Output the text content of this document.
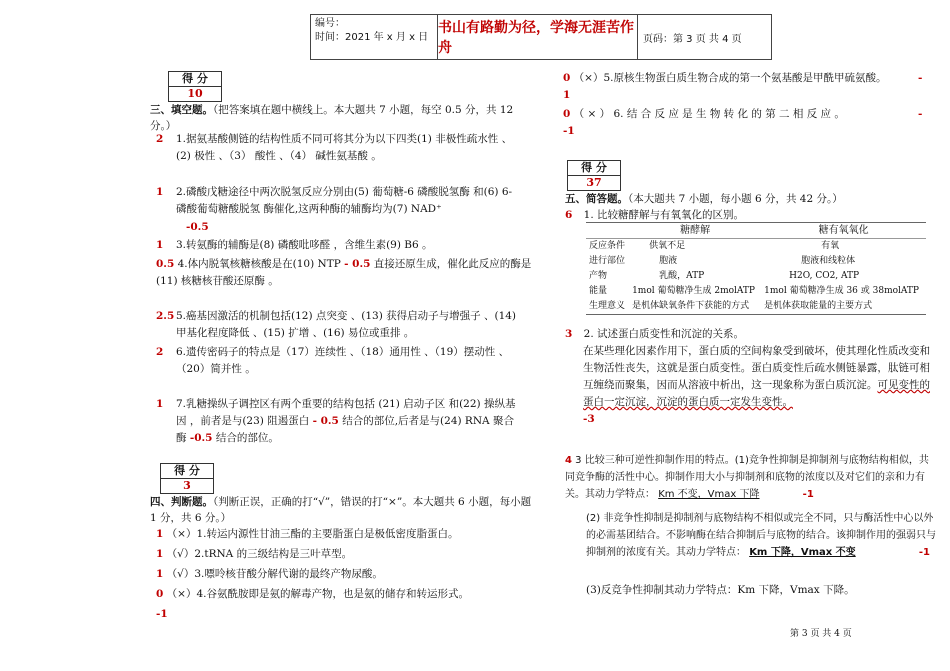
编号：
时间：2021 年 x 月 x 日
书山有路勤为径，学海无涯苦作舟
页码：第 3 页 共 4 页
得 分
10
三、填空题。（把答案填在题中横线上。本大题共 7 小题，每空 0.5 分，共 12 分。）
2 1.据氨基酸侧链的结构性质不同可将其分为以下四类(1) 非极性疏水性 、(2) 极性 、（3） 酸性 、（4） 碱性氨基酸 。
1 2.磷酸戊糖途径中两次脱氢反应分别由(5) 葡萄糖-6 磷酸脱氢酶 和(6) 6-磷酸葡萄糖酸脱氢 酶催化,这两种酶的辅酶均为(7) NAD⁺
-0.5
1 3.转氨酶的辅酶是(8) 磷酸吡哆醛 ，含维生素(9) B6 。
0.5 4.体内脱氧核糖核酸是在(10) NTP - 0.5 直接还原生成，催化此反应的酶是(11) 核糖核苷酸还原酶 。
2.5 5.癌基因激活的机制包括(12) 点突变 、(13) 获得启动子与增强子 、(14) 甲基化程度降低 、(15) 扩增 、(16) 易位或重排 。
2 6.遗传密码子的特点是（17）连续性 、（18）通用性 、（19）摆动性 、（20）简并性 。
1 7.乳糖操纵子调控区有两个重要的结构包括 (21) 启动子区 和(22) 操纵基因 ，前者是与(23) 阻遏蛋白 - 0.5 结合的部位,后者是与(24) RNA 聚合酶 -0.5 结合的部位。
得 分
3
四、判断题。（判断正误，正确的打“√”，错误的打“×”。本大题共 6 小题，每小题 1 分，共 6 分。）
1 （×）1.转运内源性甘油三酯的主要脂蛋白是极低密度脂蛋白。
1 （√）2.tRNA 的三级结构是三叶草型。
1 （√）3.嘌呤核苷酸分解代谢的最终产物尿酸。
0 （×）4.谷氨酰胺即是氨的解毒产物，也是氨的储存和转运形式。
-1
0 （×）5.原核生物蛋白质生物合成的第一个氨基酸是甲酰甲硫氨酸。	-
1
0 （ × ） 6. 结 合 反 应 是 生 物 转 化 的 第 二 相 反 应 。	-
-1
得 分
37
五、简答题。（本大题共 7 小题，每小题 6 分，共 42 分。）
6 1. 比较糖酵解与有氧氧化的区别。
	糖酵解	糖有氧氧化
反应条件	供氧不足	有氧
进行部位	胞液	胞液和线粒体
产物	乳酸，ATP	H2O, CO2, ATP
能量	1mol 葡萄糖净生成 2molATP	1mol 葡萄糖净生成 36 或 38molATP
生理意义	是机体缺氧条件下获能的方式	是机体获取能量的主要方式
3 2. 试述蛋白质变性和沉淀的关系。
在某些理化因素作用下，蛋白质的空间构象受到破坏，使其理化性质改变和生物活性丧失，这就是蛋白质变性。蛋白质变性后疏水侧链暴露，肽链可相互缠绕而聚集，因而从溶液中析出，这一现象称为蛋白质沉淀。可见变性的蛋白一定沉淀，沉淀的蛋白质一定发生变性。
-3
4 3 比较三种可逆性抑制作用的特点。(1)竞争性抑制是抑制剂与底物结构相似，共同竞争酶的活性中心。抑制作用大小与抑制剂和底物的浓度以及对它们的亲和力有关。其动力学特点： Km 不变，Vmax 下降	-1
(2) 非竞争性抑制是抑制剂与底物结构不相似或完全不同，只与酶活性中心以外的必需基团结合。不影响酶在结合抑制后与底物的结合。该抑制作用的强弱只与抑制剂的浓度有关。其动力学特点： Km 下降，Vmax 不变	-1
(3)反竞争性抑制其动力学特点：Km 下降，Vmax 下降。
第 3 页 共 4 页
